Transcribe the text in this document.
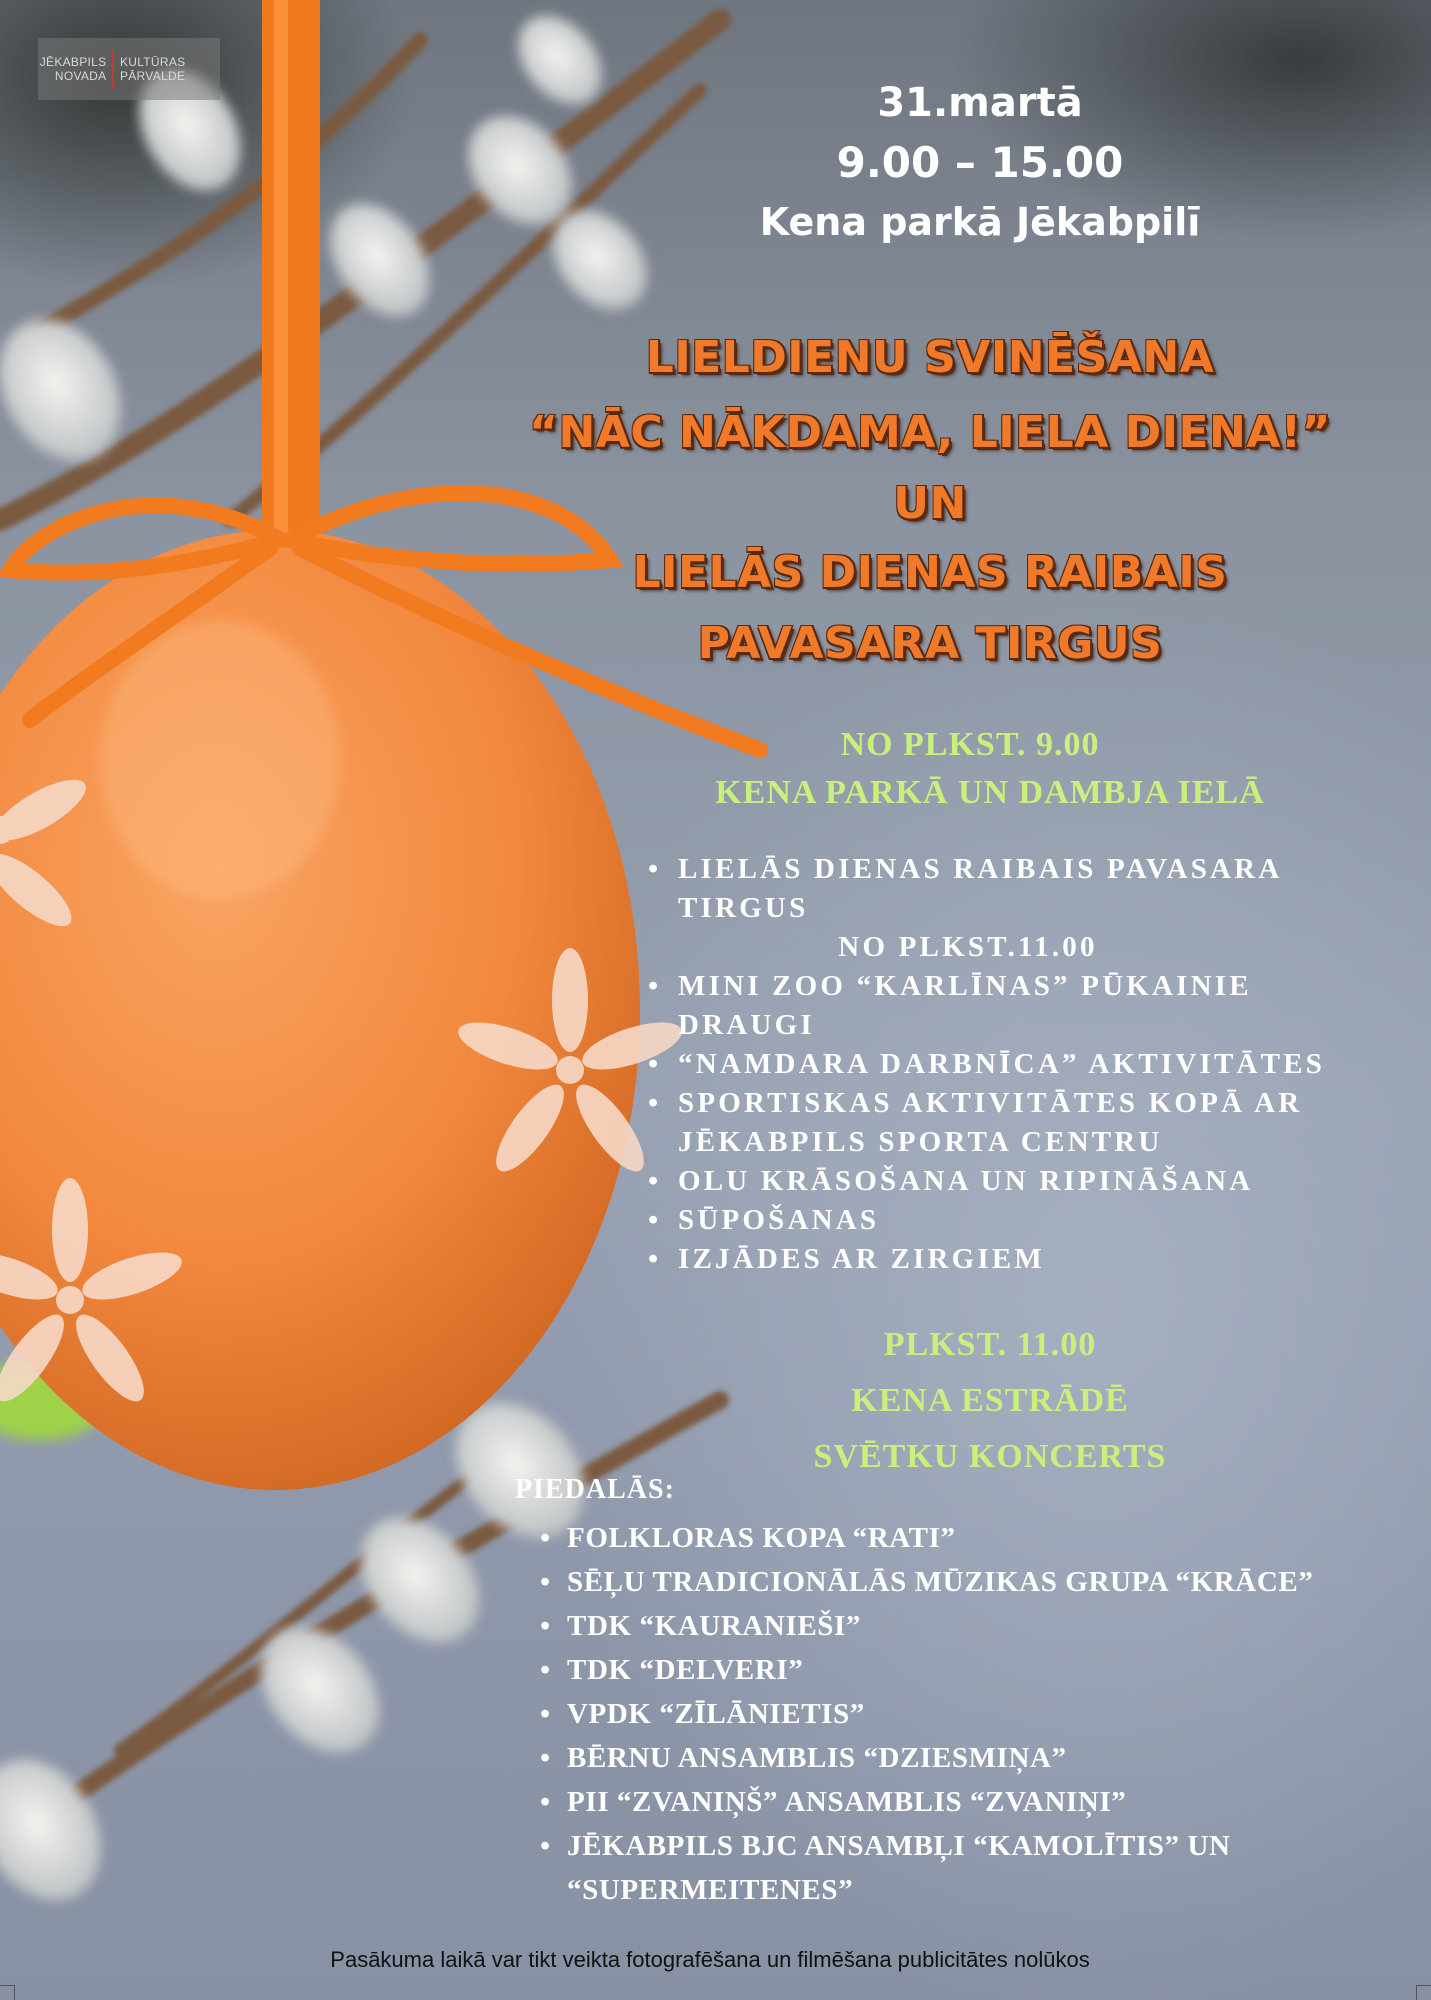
JĒKABPILS NOVADA
KULTŪRAS PĀRVALDE
31.martā
9.00 – 15.00
Kena parkā Jēkabpilī
LIELDIENU SVINĒŠANA
“NĀC NĀKDAMA, LIELA DIENA!”
UN
LIELĀS DIENAS RAIBAIS
PAVASARA TIRGUS
NO PLKST. 9.00
KENA PARKĀ UN DAMBJA IELĀ
• LIELĀS DIENAS RAIBAIS PAVASARA
TIRGUS
NO PLKST.11.00
• MINI ZOO “KARLĪNAS” PŪKAINIE
DRAUGI
• “NAMDARA DARBNĪCA” AKTIVITĀTES
• SPORTISKAS AKTIVITĀTES KOPĀ AR
JĒKABPILS SPORTA CENTRU
• OLU KRĀSOŠANA UN RIPINĀŠANA
• SŪPOŠANAS
• IZJĀDES AR ZIRGIEM
PLKST. 11.00
KENA ESTRĀDĒ
SVĒTKU KONCERTS
PIEDALĀS:
• FOLKLORAS KOPA “RATI”
• SĒĻU TRADICIONĀLĀS MŪZIKAS GRUPA “KRĀCE”
• TDK “KAURANIEŠI”
• TDK “DELVERI”
• VPDK “ZĪLĀNIETIS”
• BĒRNU ANSAMBLIS “DZIESMIŅA”
• PII “ZVANIŅŠ” ANSAMBLIS “ZVANIŅI”
• JĒKABPILS BJC ANSAMBĻI “KAMOLĪTIS” UN
“SUPERMEITENES”
Pasākuma laikā var tikt veikta fotografēšana un filmēšana publicitātes nolūkos
